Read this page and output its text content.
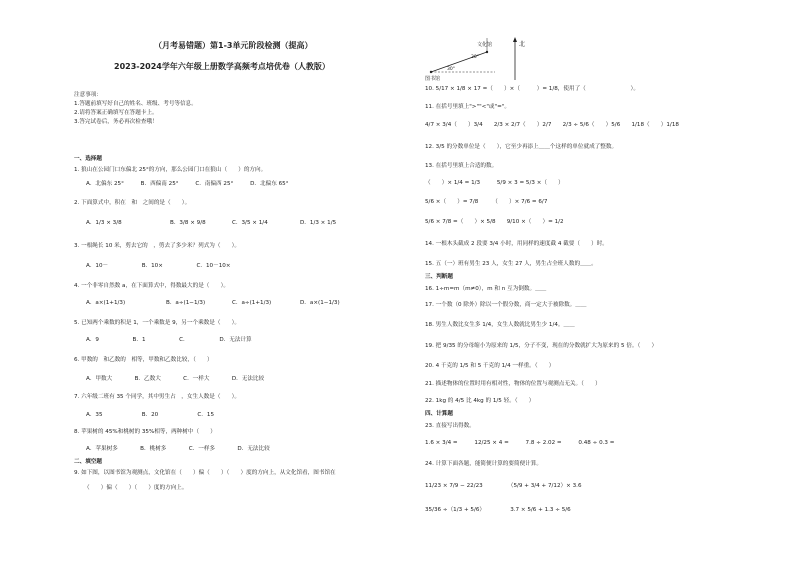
（月考易错题）第1-3单元阶段检测（提高）
2023-2024学年六年级上册数学高频考点培优卷（人教版）
注意事项：
1.答题前填写好自己的姓名、班级、考号等信息。
2.请将答案正确填写在答题卡上。
3.答完试卷后，务必再次检查哦！
一、选择题
1. 狼山在公园门口东偏北 25°的方向，那么公园门口在狼山（　　）的方向。
A．北偏东 25°　　　B．西偏南 25°　　　C．南偏西 25°　　　D．北偏东 65°
2. 下面算式中，积在　和　之间的是（　　）。
A．1/3 × 3/8	B．3/8 × 9/8	C．3/5 × 1/4	D．1/3 × 1/5
3. 一根绳长 10 米，剪去它的　，剪去了多少米？列式为（　　）。
A．10－　　　　　　B．10×　　　　　　C．10－10×
4. 一个非零自然数 a，在下面算式中，得数最大的是（　　）。
A．a×(1+1/3)	B．a÷(1−1/3)	C．a÷(1+1/3)	D．a×(1−1/3)
5. 已知两个乘数的积是 1，一个乘数是 9，另一个乘数是（　　）。
A．9　　　　　　B．1　　　　　　C．　　　　　　D．无法计算
6. 甲数的　和乙数的　相等，甲数和乙数比较，（　　）
A．甲数大　　　　B．乙数大　　　　C．一样大　　　　D．无法比较
7. 六年级二班有 35 个同学，其中男生占　，女生人数是（　　）。
A．35　　　　　　　B．20　　　　　　　C．15
8. 苹果树的 45%和桃树的 35%相等，两种树中（　　）
A．苹果树多　　　　B．桃树多　　　　C．一样多　　　　D．无法比较
二、填空题
9. 如下图，以图书馆为观测点，文化馆在（　　）偏（　　）（　　）度的方向上，从文化馆看，图书馆在
（　　）偏（　　）（　　）度的方向上。
北
文化馆
图书馆
30°
30°
10. 5/17 × 1/8 × 17 =（　　）×（　　　）= 1/8，使用了（　　　　　　　　）。
11. 在括号里填上">""<"或"="。
4/7 × 3/4（　　）3/4　　2/3 × 2/7（　　）2/7　　2/3 ÷ 5/6（　　）5/6　　1/18（　　）1/18
12. 3/5 的分数单位是（　　），它至少再添上＿＿个这样的单位就成了整数。
13. 在括号里填上合适的数。
（　　）× 1/4 = 1/3　　　5/9 × 3 = 5/3 ×（　　）
5/6 ×（　　）= 7/8　　　（　　）× 7/6 = 6/7
5/6 × 7/8 =（　　）× 5/8　　9/10 ×（　　）= 1/2
14. 一根木头截成 2 段要 3/4 小时，用同样的速度截 4 截要（　　）时。
15. 五（一）班有男生 23 人，女生 27 人，男生占全班人数的＿＿。
三、判断题
16. 1÷m=m（m≠0），m 和 n 互为倒数。＿＿
17. 一个数（0 除外）除以一个假分数，商一定大于被除数。＿＿
18. 男生人数比女生多 1/4，女生人数就比男生少 1/4。＿＿
19. 把 9/35 的分母缩小为原来的 1/5，分子不变，现在的分数就扩大为原来的 5 倍。（　　）
20. 4 千克的 1/5 和 5 千克的 1/4 一样重。（　　）
21. 描述物体的位置时用有相对性，物体的位置与观测点无关。（　　）
22. 1kg 的 4/5 比 4kg 的 1/5 轻。（　　）
四、计算题
23. 直接写出得数。
1.6 × 3/4 =　　　12/25 × 4 =　　　7.8 ÷ 2.02 =　　　0.48 ÷ 0.3 =
24. 计算下面各题，能简便计算的要简便计算。
11/23 × 7/9 − 22/23　　　　　（5/9 + 3/4 + 7/12）× 3.6
35/36 ÷（1/3 + 5/6）　　　　　3.7 × 5/6 + 1.3 ÷ 5/6
